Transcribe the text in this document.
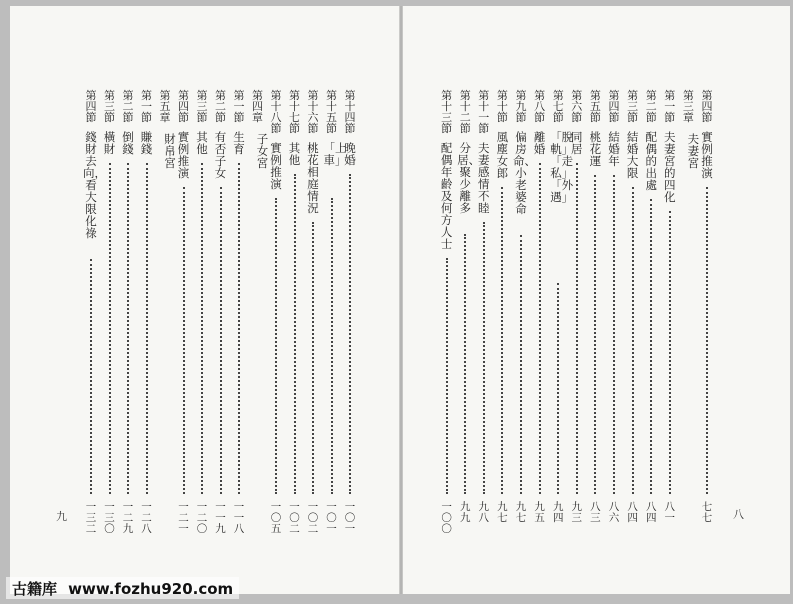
九
第十四節
晚婚
一〇一
第十五節
「上車」
一〇一
第十六節
桃花相庭情況
一〇二
第十七節
其他
一〇二
第十八節
實例推演
一〇五
第四章
子女宮
第一節
生育
一一八
第二節
有否子女
一一九
第三節
其他
一二〇
第四節
實例推演
一二一
第五章
財帛宮
第一節
賺錢
一二八
第二節
倒錢
一二九
第三節
橫財
一三〇
第四節
錢財去向，看大限化祿
一三二
八
第四節
實例推演
七七
第三章
夫妻宮
第一節
夫妻宮的四化
八一
第二節
配偶的出處
八四
第三節
結婚大限
八四
第四節
結婚年
八六
第五節
桃花運
八三
第六節
同居
九三
第七節
「脫軌」「走私」「外遇」
九四
第八節
離婚
九五
第九節
偏房命、小老婆命
九七
第十節
風塵女郎
九七
第十一節
夫妻感情不睦
九八
第十二節
分居、聚少離多
九九
第十三節
配偶年齡及何方人士
一〇〇
古籍库 www.fozhu920.com
